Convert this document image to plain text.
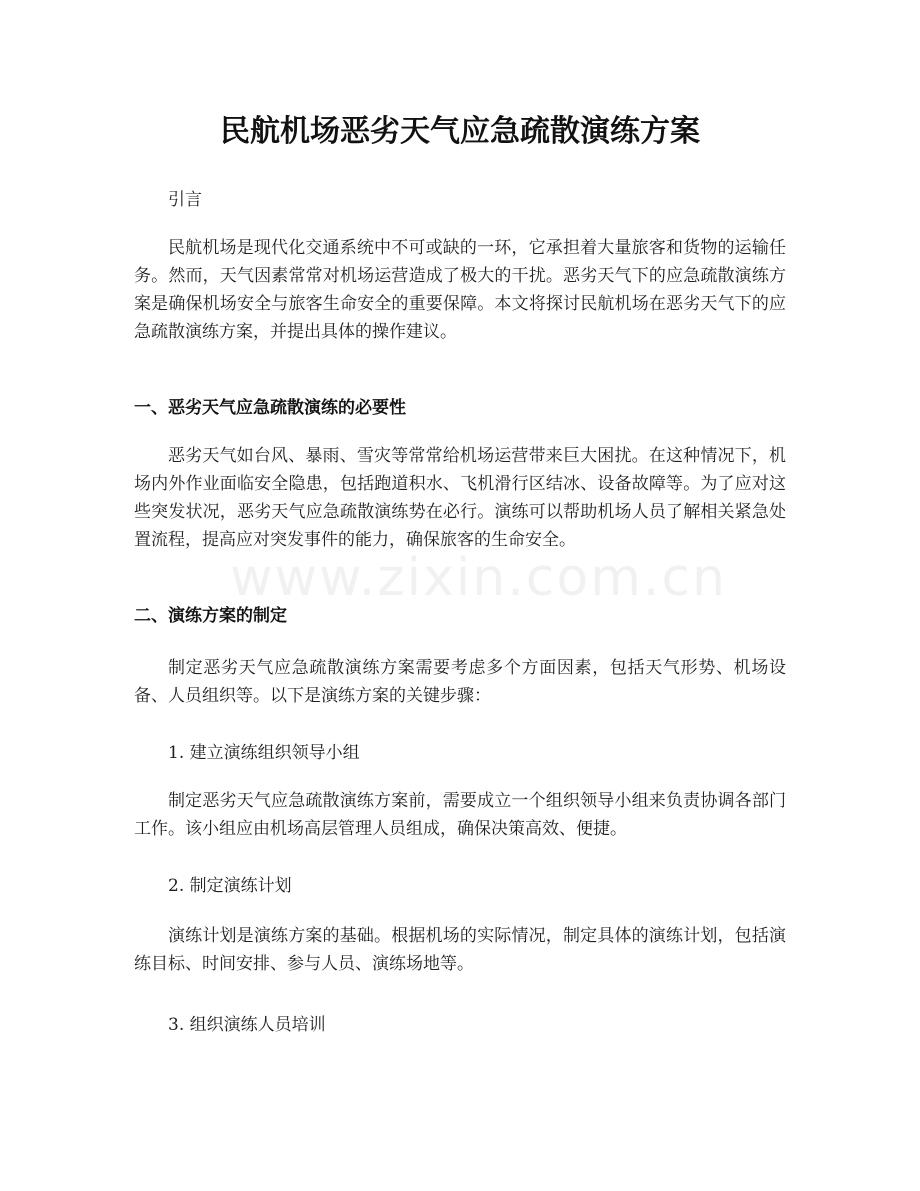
www.zixin.com.cn
民航机场恶劣天气应急疏散演练方案

引言

民航机场是现代化交通系统中不可或缺的一环，它承担着大量旅客和货物的运输任务。然而，天气因素常常对机场运营造成了极大的干扰。恶劣天气下的应急疏散演练方案是确保机场安全与旅客生命安全的重要保障。本文将探讨民航机场在恶劣天气下的应急疏散演练方案，并提出具体的操作建议。

一、恶劣天气应急疏散演练的必要性

恶劣天气如台风、暴雨、雪灾等常常给机场运营带来巨大困扰。在这种情况下，机场内外作业面临安全隐患，包括跑道积水、飞机滑行区结冰、设备故障等。为了应对这些突发状况，恶劣天气应急疏散演练势在必行。演练可以帮助机场人员了解相关紧急处置流程，提高应对突发事件的能力，确保旅客的生命安全。

二、演练方案的制定

制定恶劣天气应急疏散演练方案需要考虑多个方面因素，包括天气形势、机场设备、人员组织等。以下是演练方案的关键步骤：

1. 建立演练组织领导小组

制定恶劣天气应急疏散演练方案前，需要成立一个组织领导小组来负责协调各部门工作。该小组应由机场高层管理人员组成，确保决策高效、便捷。

2. 制定演练计划

演练计划是演练方案的基础。根据机场的实际情况，制定具体的演练计划，包括演练目标、时间安排、参与人员、演练场地等。

3. 组织演练人员培训
